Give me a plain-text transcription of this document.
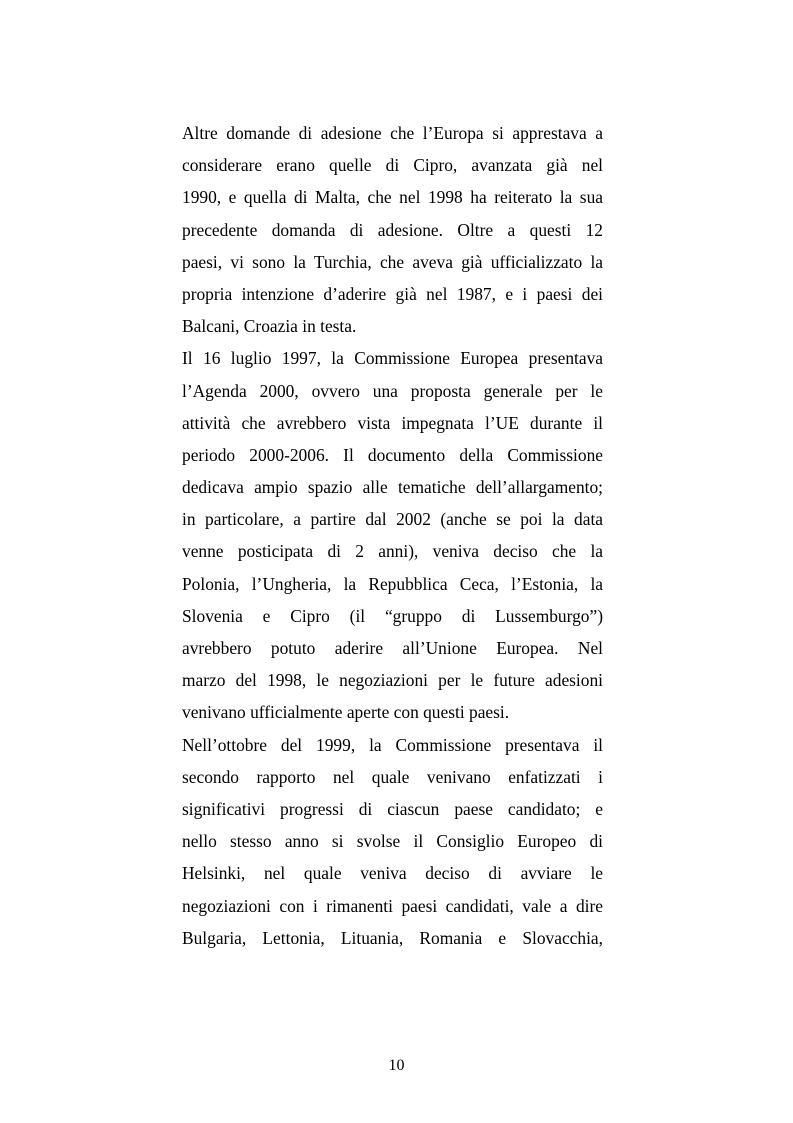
Altre domande di adesione che l’Europa si apprestava a
considerare erano quelle di Cipro, avanzata già nel
1990, e quella di Malta, che nel 1998 ha reiterato la sua
precedente domanda di adesione. Oltre a questi 12
paesi, vi sono la Turchia, che aveva già ufficializzato la
propria intenzione d’aderire già nel 1987, e i paesi dei
Balcani, Croazia in testa.
Il 16 luglio 1997, la Commissione Europea presentava
l’Agenda 2000, ovvero una proposta generale per le
attività che avrebbero vista impegnata l’UE durante il
periodo 2000-2006. Il documento della Commissione
dedicava ampio spazio alle tematiche dell’allargamento;
in particolare, a partire dal 2002 (anche se poi la data
venne posticipata di 2 anni), veniva deciso che la
Polonia, l’Ungheria, la Repubblica Ceca, l’Estonia, la
Slovenia e Cipro (il “gruppo di Lussemburgo”)
avrebbero potuto aderire all’Unione Europea. Nel
marzo del 1998, le negoziazioni per le future adesioni
venivano ufficialmente aperte con questi paesi.
Nell’ottobre del 1999, la Commissione presentava il
secondo rapporto nel quale venivano enfatizzati i
significativi progressi di ciascun paese candidato; e
nello stesso anno si svolse il Consiglio Europeo di
Helsinki, nel quale veniva deciso di avviare le
negoziazioni con i rimanenti paesi candidati, vale a dire
Bulgaria, Lettonia, Lituania, Romania e Slovacchia,
10
